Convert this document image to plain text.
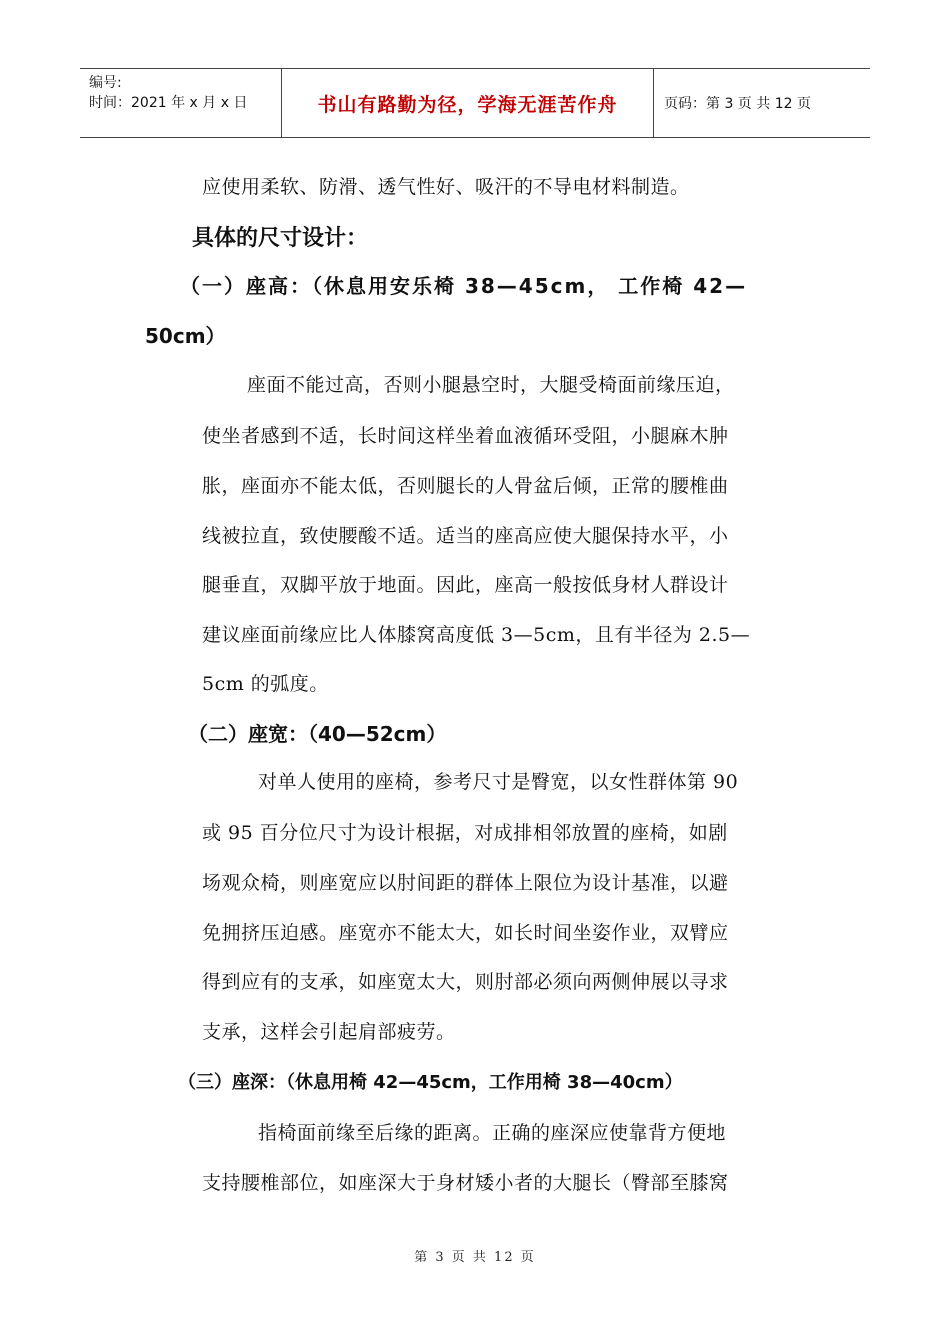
编号:
时间：2021 年 x 月 x 日	书山有路勤为径，学海无涯苦作舟	页码：第 3 页 共 12 页
应使用柔软、防滑、透气性好、吸汗的不导电材料制造。
具体的尺寸设计：
（一）座高：（休息用安乐椅 38—45cm， 工作椅 42—
50cm）
座面不能过高，否则小腿悬空时，大腿受椅面前缘压迫，
使坐者感到不适，长时间这样坐着血液循环受阻，小腿麻木肿
胀，座面亦不能太低，否则腿长的人骨盆后倾，正常的腰椎曲
线被拉直，致使腰酸不适。适当的座高应使大腿保持水平，小
腿垂直，双脚平放于地面。因此，座高一般按低身材人群设计
建议座面前缘应比人体膝窝高度低 3—5cm，且有半径为 2.5—
5cm 的弧度。
（二）座宽：（40—52cm）
对单人使用的座椅，参考尺寸是臀宽，以女性群体第 90
或 95 百分位尺寸为设计根据，对成排相邻放置的座椅，如剧
场观众椅，则座宽应以肘间距的群体上限位为设计基准，以避
免拥挤压迫感。座宽亦不能太大，如长时间坐姿作业，双臂应
得到应有的支承，如座宽太大，则肘部必须向两侧伸展以寻求
支承，这样会引起肩部疲劳。
（三）座深：（休息用椅 42—45cm，工作用椅 38—40cm）
指椅面前缘至后缘的距离。正确的座深应使靠背方便地
支持腰椎部位，如座深大于身材矮小者的大腿长（臀部至膝窝
第 3 页 共 12 页
